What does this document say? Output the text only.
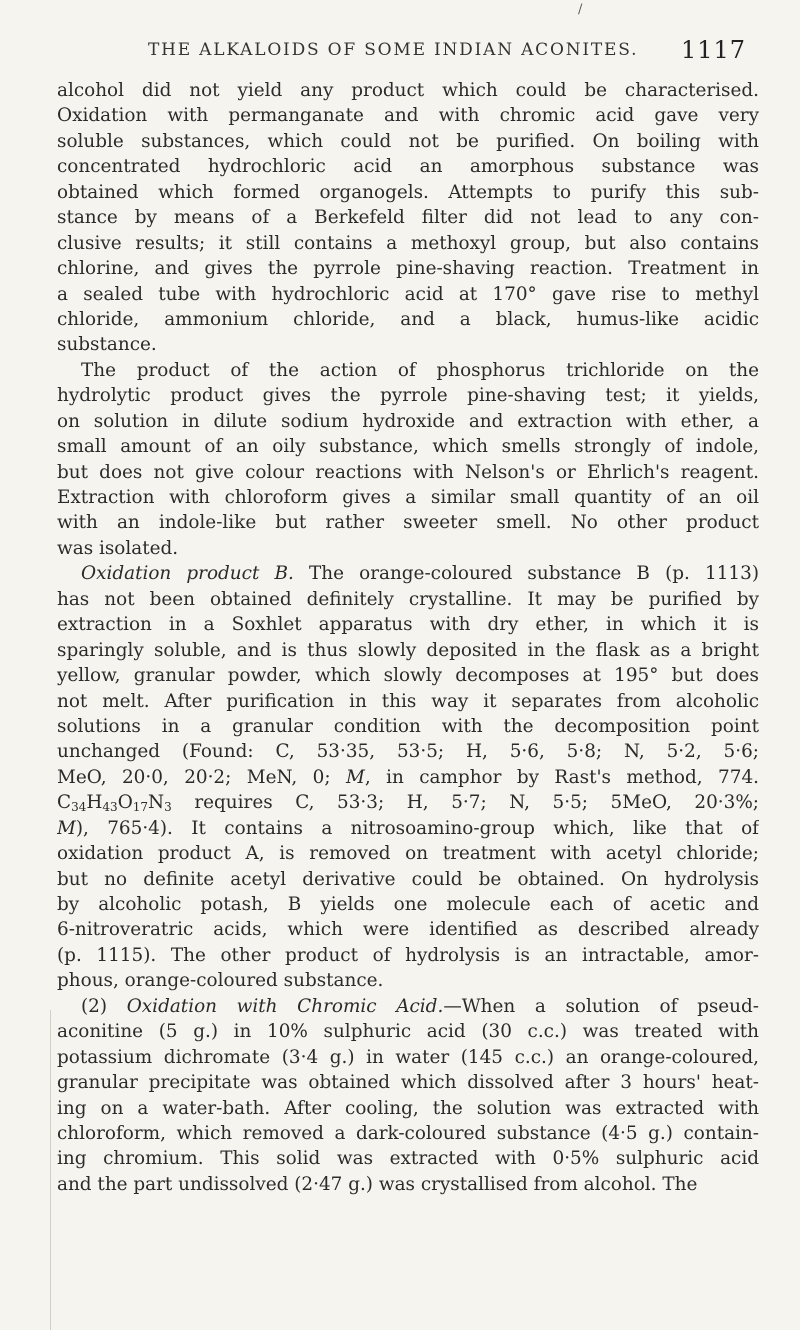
/
THE ALKALOIDS OF SOME INDIAN ACONITES. 1117
alcohol did not yield any product which could be characterised.
Oxidation with permanganate and with chromic acid gave very
soluble substances, which could not be purified. On boiling with
concentrated hydrochloric acid an amorphous substance was
obtained which formed organogels. Attempts to purify this sub-
stance by means of a Berkefeld filter did not lead to any con-
clusive results; it still contains a methoxyl group, but also contains
chlorine, and gives the pyrrole pine-shaving reaction. Treatment in
a sealed tube with hydrochloric acid at 170° gave rise to methyl
chloride, ammonium chloride, and a black, humus-like acidic
substance.
The product of the action of phosphorus trichloride on the
hydrolytic product gives the pyrrole pine-shaving test; it yields,
on solution in dilute sodium hydroxide and extraction with ether, a
small amount of an oily substance, which smells strongly of indole,
but does not give colour reactions with Nelson's or Ehrlich's reagent.
Extraction with chloroform gives a similar small quantity of an oil
with an indole-like but rather sweeter smell. No other product
was isolated.
Oxidation product B. The orange-coloured substance B (p. 1113)
has not been obtained definitely crystalline. It may be purified by
extraction in a Soxhlet apparatus with dry ether, in which it is
sparingly soluble, and is thus slowly deposited in the flask as a bright
yellow, granular powder, which slowly decomposes at 195° but does
not melt. After purification in this way it separates from alcoholic
solutions in a granular condition with the decomposition point
unchanged (Found: C, 53·35, 53·5; H, 5·6, 5·8; N, 5·2, 5·6;
MeO, 20·0, 20·2; MeN, 0; M, in camphor by Rast's method, 774.
$C_{34}H_{43}O_{17}N_3$ requires C, 53·3; H, 5·7; N, 5·5; 5MeO, 20·3%;
M), 765·4). It contains a nitrosoamino-group which, like that of
oxidation product A, is removed on treatment with acetyl chloride;
but no definite acetyl derivative could be obtained. On hydrolysis
by alcoholic potash, B yields one molecule each of acetic and
6-nitroveratric acids, which were identified as described already
(p. 1115). The other product of hydrolysis is an intractable, amor-
phous, orange-coloured substance.
(2) Oxidation with Chromic Acid.—When a solution of pseud-
aconitine (5 g.) in 10% sulphuric acid (30 c.c.) was treated with
potassium dichromate (3·4 g.) in water (145 c.c.) an orange-coloured,
granular precipitate was obtained which dissolved after 3 hours' heat-
ing on a water-bath. After cooling, the solution was extracted with
chloroform, which removed a dark-coloured substance (4·5 g.) contain-
ing chromium. This solid was extracted with 0·5% sulphuric acid
and the part undissolved (2·47 g.) was crystallised from alcohol. The
